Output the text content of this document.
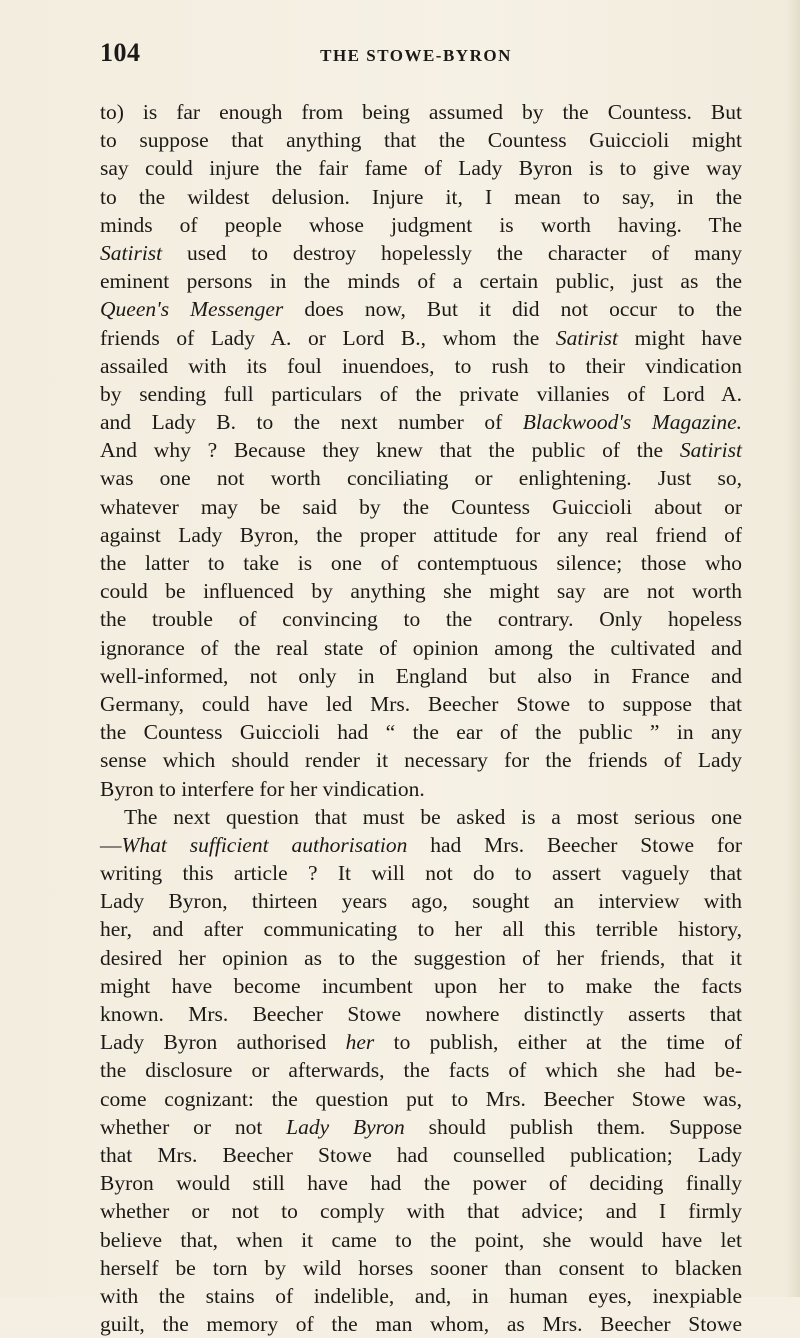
104	THE STOWE-BYRON
to) is far enough from being assumed by the Countess. But
to suppose that anything that the Countess Guiccioli might
say could injure the fair fame of Lady Byron is to give way
to the wildest delusion. Injure it, I mean to say, in the
minds of people whose judgment is worth having. The
Satirist used to destroy hopelessly the character of many
eminent persons in the minds of a certain public, just as the
Queen's Messenger does now, But it did not occur to the
friends of Lady A. or Lord B., whom the Satirist might have
assailed with its foul inuendoes, to rush to their vindication
by sending full particulars of the private villanies of Lord A.
and Lady B. to the next number of Blackwood's Magazine.
And why ? Because they knew that the public of the Satirist
was one not worth conciliating or enlightening. Just so,
whatever may be said by the Countess Guiccioli about or
against Lady Byron, the proper attitude for any real friend of
the latter to take is one of contemptuous silence; those who
could be influenced by anything she might say are not worth
the trouble of convincing to the contrary. Only hopeless
ignorance of the real state of opinion among the cultivated and
well-informed, not only in England but also in France and
Germany, could have led Mrs. Beecher Stowe to suppose that
the Countess Guiccioli had “ the ear of the public ” in any
sense which should render it necessary for the friends of Lady
Byron to interfere for her vindication.
The next question that must be asked is a most serious one
—What sufficient authorisation had Mrs. Beecher Stowe for
writing this article ? It will not do to assert vaguely that
Lady Byron, thirteen years ago, sought an interview with
her, and after communicating to her all this terrible history,
desired her opinion as to the suggestion of her friends, that it
might have become incumbent upon her to make the facts
known. Mrs. Beecher Stowe nowhere distinctly asserts that
Lady Byron authorised her to publish, either at the time of
the disclosure or afterwards, the facts of which she had be-
come cognizant: the question put to Mrs. Beecher Stowe was,
whether or not Lady Byron should publish them. Suppose
that Mrs. Beecher Stowe had counselled publication; Lady
Byron would still have had the power of deciding finally
whether or not to comply with that advice; and I firmly
believe that, when it came to the point, she would have let
herself be torn by wild horses sooner than consent to blacken
with the stains of indelible, and, in human eyes, inexpiable
guilt, the memory of the man whom, as Mrs. Beecher Stowe
